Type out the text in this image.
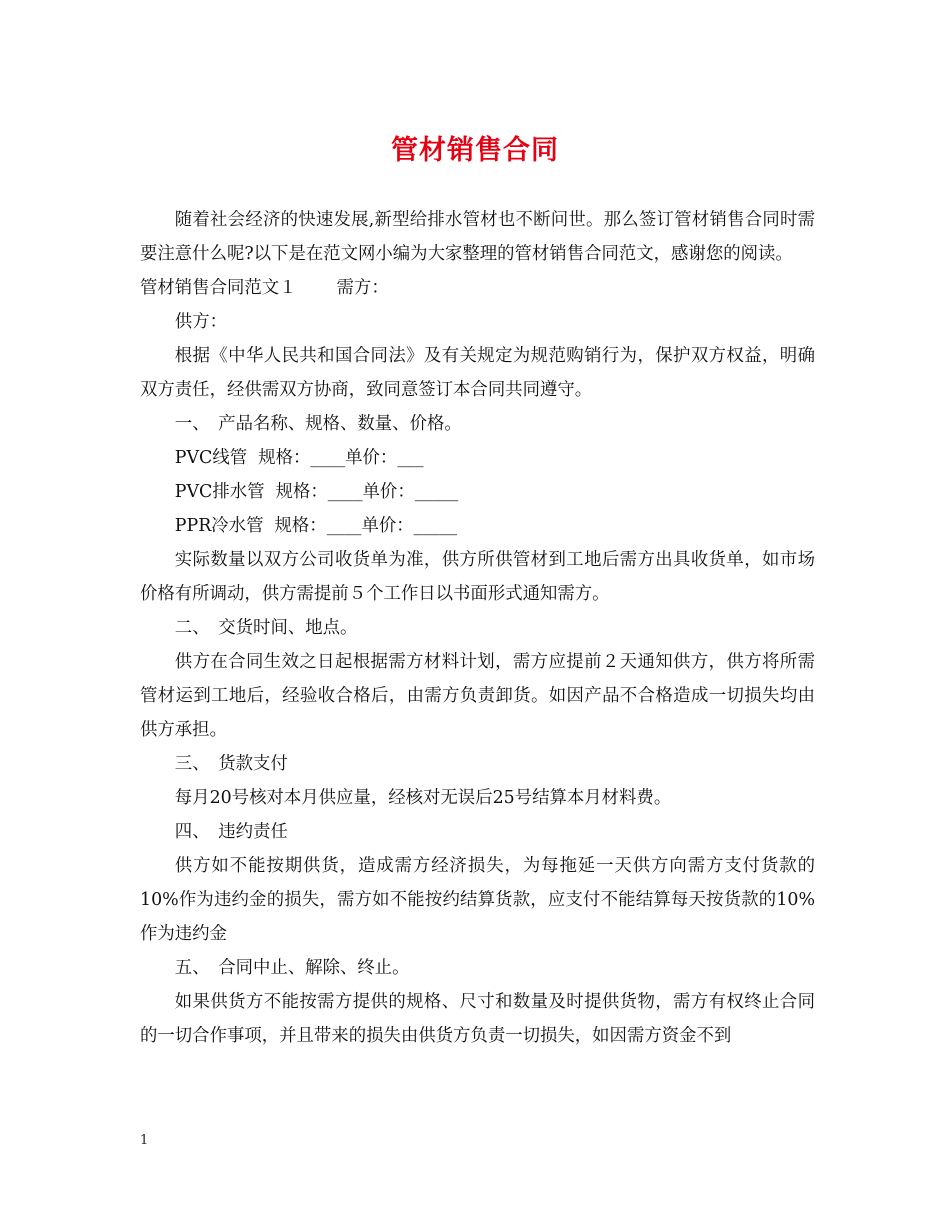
管材销售合同

随着社会经济的快速发展,新型给排水管材也不断问世。那么签订管材销售合同时需要注意什么呢?以下是在范文网小编为大家整理的管材销售合同范文，感谢您的阅读。

管材销售合同范文１ 需方：

供方：

根据《中华人民共和国合同法》及有关规定为规范购销行为，保护双方权益，明确双方责任，经供需双方协商，致同意签订本合同共同遵守。

一、　产品名称、规格、数量、价格。

PVC线管  规格：____单价：___
PVC排水管  规格：____单价：_____
PPR冷水管  规格：____单价：_____

实际数量以双方公司收货单为准，供方所供管材到工地后需方出具收货单，如市场价格有所调动，供方需提前５个工作日以书面形式通知需方。

二、　交货时间、地点。

供方在合同生效之日起根据需方材料计划，需方应提前２天通知供方，供方将所需管材运到工地后，经验收合格后，由需方负责卸货。如因产品不合格造成一切损失均由供方承担。

三、　货款支付

每月20号核对本月供应量，经核对无误后25号结算本月材料费。

四、　违约责任

供方如不能按期供货，造成需方经济损失，为每拖延一天供方向需方支付货款的10%作为违约金的损失，需方如不能按约结算货款，应支付不能结算每天按货款的10%作为违约金

五、　合同中止、解除、终止。

如果供货方不能按需方提供的规格、尺寸和数量及时提供货物，需方有权终止合同的一切合作事项，并且带来的损失由供货方负责一切损失，如因需方资金不到

1
